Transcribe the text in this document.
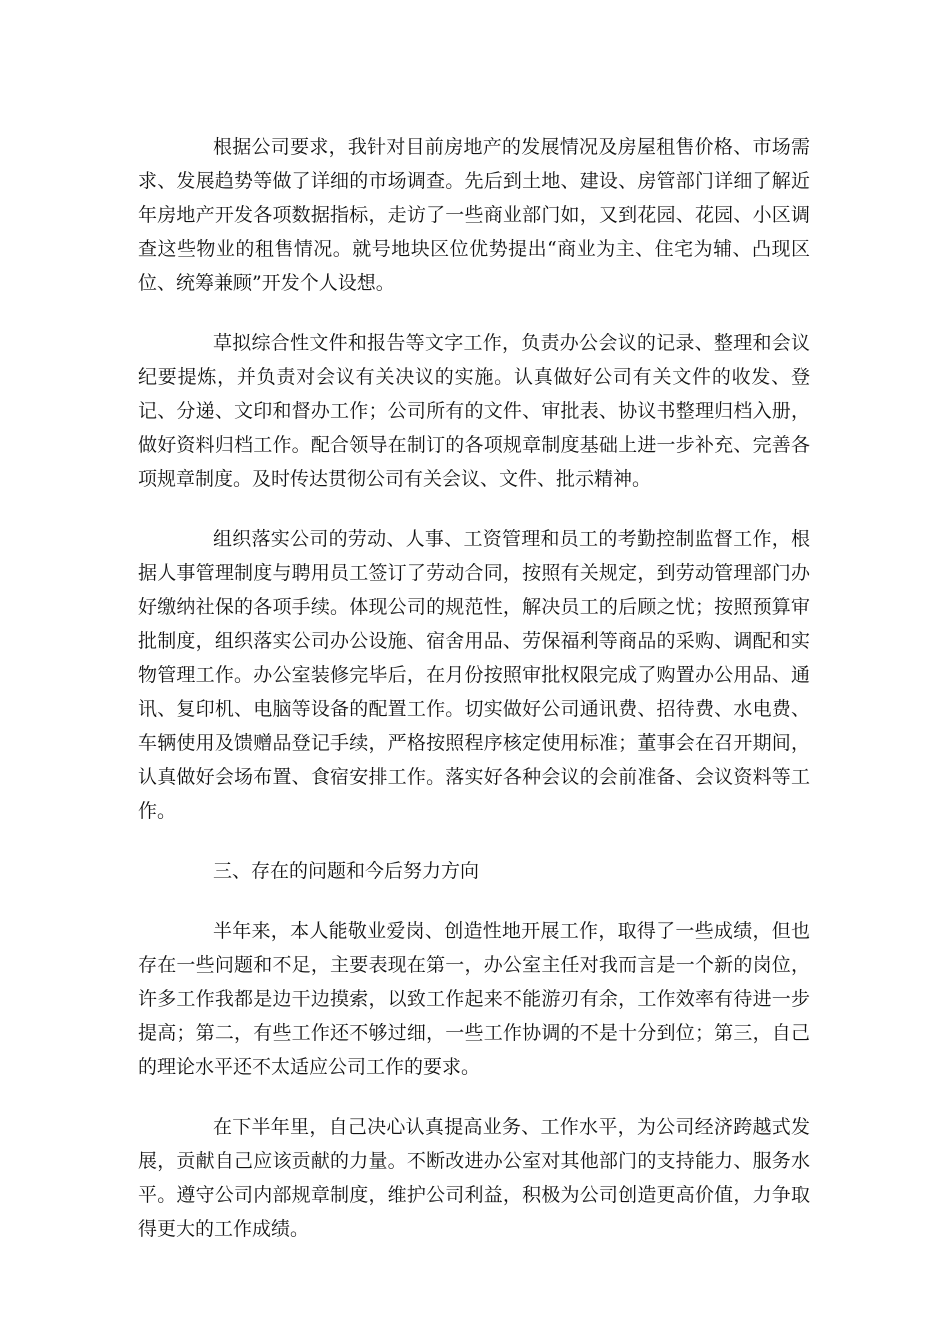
根据公司要求，我针对目前房地产的发展情况及房屋租售价格、市场需求、发展趋势等做了详细的市场调查。先后到土地、建设、房管部门详细了解近年房地产开发各项数据指标，走访了一些商业部门如，又到花园、花园、小区调查这些物业的租售情况。就号地块区位优势提出“商业为主、住宅为辅、凸现区位、统筹兼顾”开发个人设想。

草拟综合性文件和报告等文字工作，负责办公会议的记录、整理和会议纪要提炼，并负责对会议有关决议的实施。认真做好公司有关文件的收发、登记、分递、文印和督办工作；公司所有的文件、审批表、协议书整理归档入册，做好资料归档工作。配合领导在制订的各项规章制度基础上进一步补充、完善各项规章制度。及时传达贯彻公司有关会议、文件、批示精神。

组织落实公司的劳动、人事、工资管理和员工的考勤控制监督工作，根据人事管理制度与聘用员工签订了劳动合同，按照有关规定，到劳动管理部门办好缴纳社保的各项手续。体现公司的规范性，解决员工的后顾之忧；按照预算审批制度，组织落实公司办公设施、宿舍用品、劳保福利等商品的采购、调配和实物管理工作。办公室装修完毕后，在月份按照审批权限完成了购置办公用品、通讯、复印机、电脑等设备的配置工作。切实做好公司通讯费、招待费、水电费、车辆使用及馈赠品登记手续，严格按照程序核定使用标准；董事会在召开期间，认真做好会场布置、食宿安排工作。落实好各种会议的会前准备、会议资料等工作。

三、存在的问题和今后努力方向

半年来，本人能敬业爱岗、创造性地开展工作，取得了一些成绩，但也存在一些问题和不足，主要表现在第一，办公室主任对我而言是一个新的岗位，许多工作我都是边干边摸索，以致工作起来不能游刃有余，工作效率有待进一步提高；第二，有些工作还不够过细，一些工作协调的不是十分到位；第三，自己的理论水平还不太适应公司工作的要求。

在下半年里，自己决心认真提高业务、工作水平，为公司经济跨越式发展，贡献自己应该贡献的力量。不断改进办公室对其他部门的支持能力、服务水平。遵守公司内部规章制度，维护公司利益，积极为公司创造更高价值，力争取得更大的工作成绩。
